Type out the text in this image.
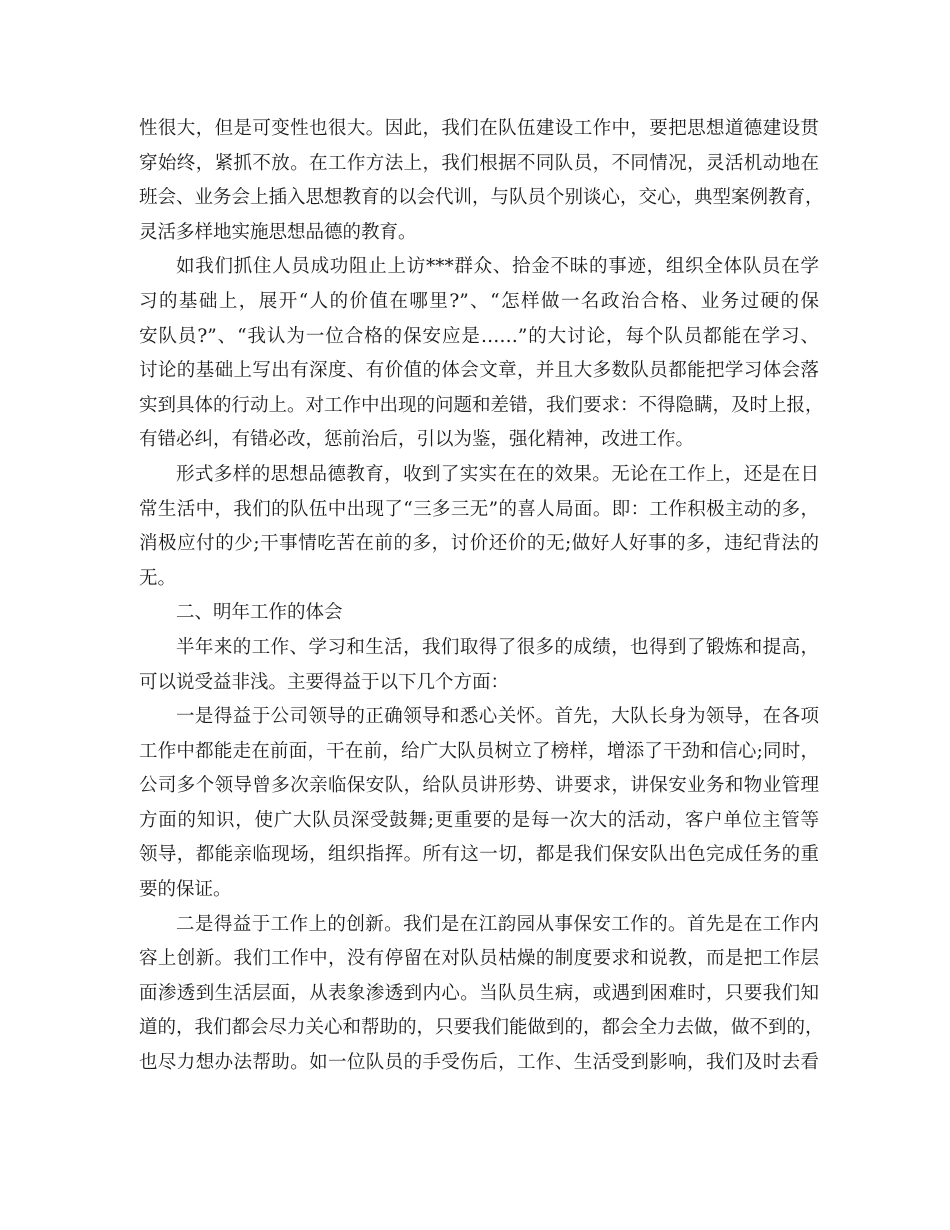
性很大，但是可变性也很大。因此，我们在队伍建设工作中，要把思想道德建设贯
穿始终，紧抓不放。在工作方法上，我们根据不同队员，不同情况，灵活机动地在
班会、业务会上插入思想教育的以会代训，与队员个别谈心，交心，典型案例教育，
灵活多样地实施思想品德的教育。
如我们抓住人员成功阻止上访***群众、拾金不昧的事迹，组织全体队员在学
习的基础上，展开“人的价值在哪里?”、“怎样做一名政治合格、业务过硬的保
安队员?”、“我认为一位合格的保安应是……”的大讨论，每个队员都能在学习、
讨论的基础上写出有深度、有价值的体会文章，并且大多数队员都能把学习体会落
实到具体的行动上。对工作中出现的问题和差错，我们要求：不得隐瞒，及时上报，
有错必纠，有错必改，惩前治后，引以为鉴，强化精神，改进工作。
形式多样的思想品德教育，收到了实实在在的效果。无论在工作上，还是在日
常生活中，我们的队伍中出现了“三多三无”的喜人局面。即：工作积极主动的多，
消极应付的少;干事情吃苦在前的多，讨价还价的无;做好人好事的多，违纪背法的
无。
二、明年工作的体会
半年来的工作、学习和生活，我们取得了很多的成绩，也得到了锻炼和提高，
可以说受益非浅。主要得益于以下几个方面：
一是得益于公司领导的正确领导和悉心关怀。首先，大队长身为领导，在各项
工作中都能走在前面，干在前，给广大队员树立了榜样，增添了干劲和信心;同时，
公司多个领导曾多次亲临保安队，给队员讲形势、讲要求，讲保安业务和物业管理
方面的知识，使广大队员深受鼓舞;更重要的是每一次大的活动，客户单位主管等
领导，都能亲临现场，组织指挥。所有这一切，都是我们保安队出色完成任务的重
要的保证。
二是得益于工作上的创新。我们是在江韵园从事保安工作的。首先是在工作内
容上创新。我们工作中，没有停留在对队员枯燥的制度要求和说教，而是把工作层
面渗透到生活层面，从表象渗透到内心。当队员生病，或遇到困难时，只要我们知
道的，我们都会尽力关心和帮助的，只要我们能做到的，都会全力去做，做不到的，
也尽力想办法帮助。如一位队员的手受伤后，工作、生活受到影响，我们及时去看
